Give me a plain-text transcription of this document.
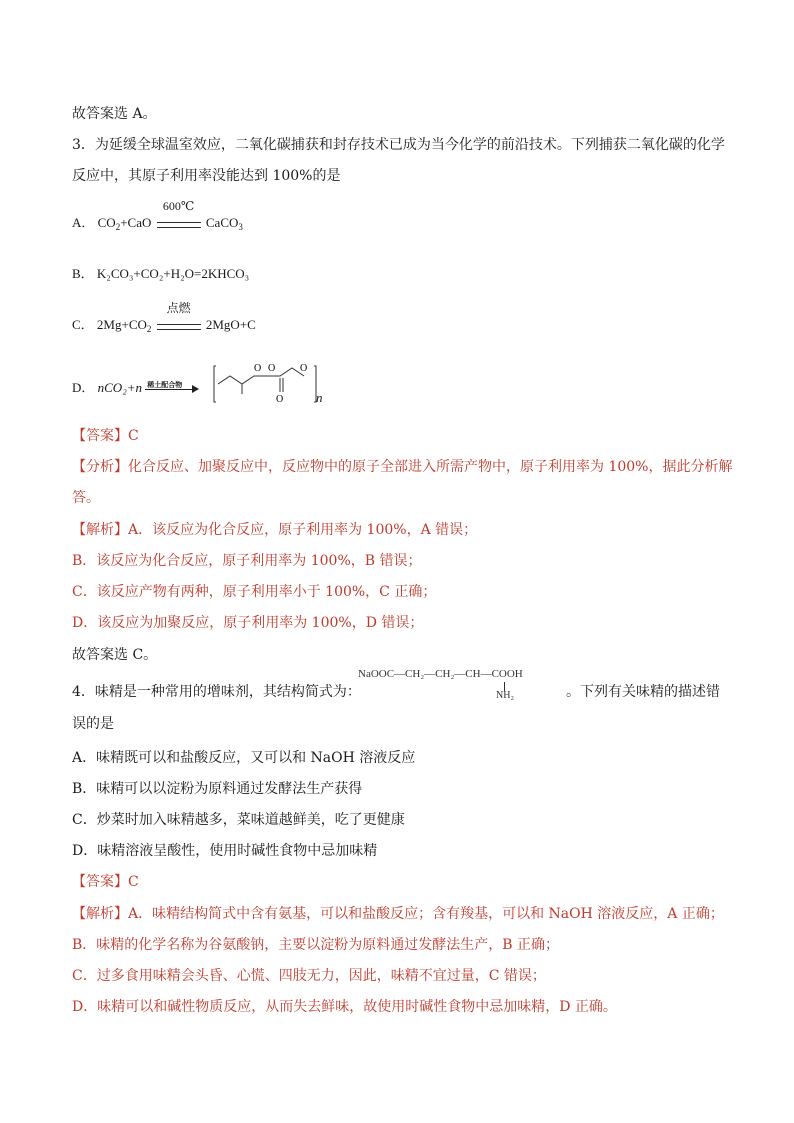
故答案选 A。
3．为延缓全球温室效应，二氧化碳捕获和封存技术已成为当今化学的前沿技术。下列捕获二氧化碳的化学
反应中，其原子利用率没能达到 100%的是
A． $CO_2+CaO$
600℃
CaCO$_3$
B． K₂CO₃+CO₂+H₂O=2KHCO₃
C． $2Mg+CO_2$
点燃
2MgO+C
D． nCO₂+n 稀土配合物
O O
O
O
n
【答案】C
【分析】化合反应、加聚反应中，反应物中的原子全部进入所需产物中，原子利用率为 100%，据此分析解
答。
【解析】A．该反应为化合反应，原子利用率为 100%，A 错误；
B．该反应为化合反应，原子利用率为 100%，B 错误；
C．该反应产物有两种，原子利用率小于 100%，C 正确；
D．该反应为加聚反应，原子利用率为 100%，D 错误；
故答案选 C。
4．味精是一种常用的增味剂，其结构简式为：
NaOOC—CH₂—CH₂—CH—COOH
NH₂	。下列有关味精的描述错
误的是
A．味精既可以和盐酸反应，又可以和 NaOH 溶液反应
B．味精可以以淀粉为原料通过发酵法生产获得
C．炒菜时加入味精越多，菜味道越鲜美，吃了更健康
D．味精溶液呈酸性，使用时碱性食物中忌加味精
【答案】C
【解析】A．味精结构简式中含有氨基，可以和盐酸反应；含有羧基，可以和 NaOH 溶液反应，A 正确；
B．味精的化学名称为谷氨酸钠，主要以淀粉为原料通过发酵法生产，B 正确；
C．过多食用味精会头昏、心慌、四肢无力，因此，味精不宜过量，C 错误；
D．味精可以和碱性物质反应，从而失去鲜味，故使用时碱性食物中忌加味精，D 正确。
